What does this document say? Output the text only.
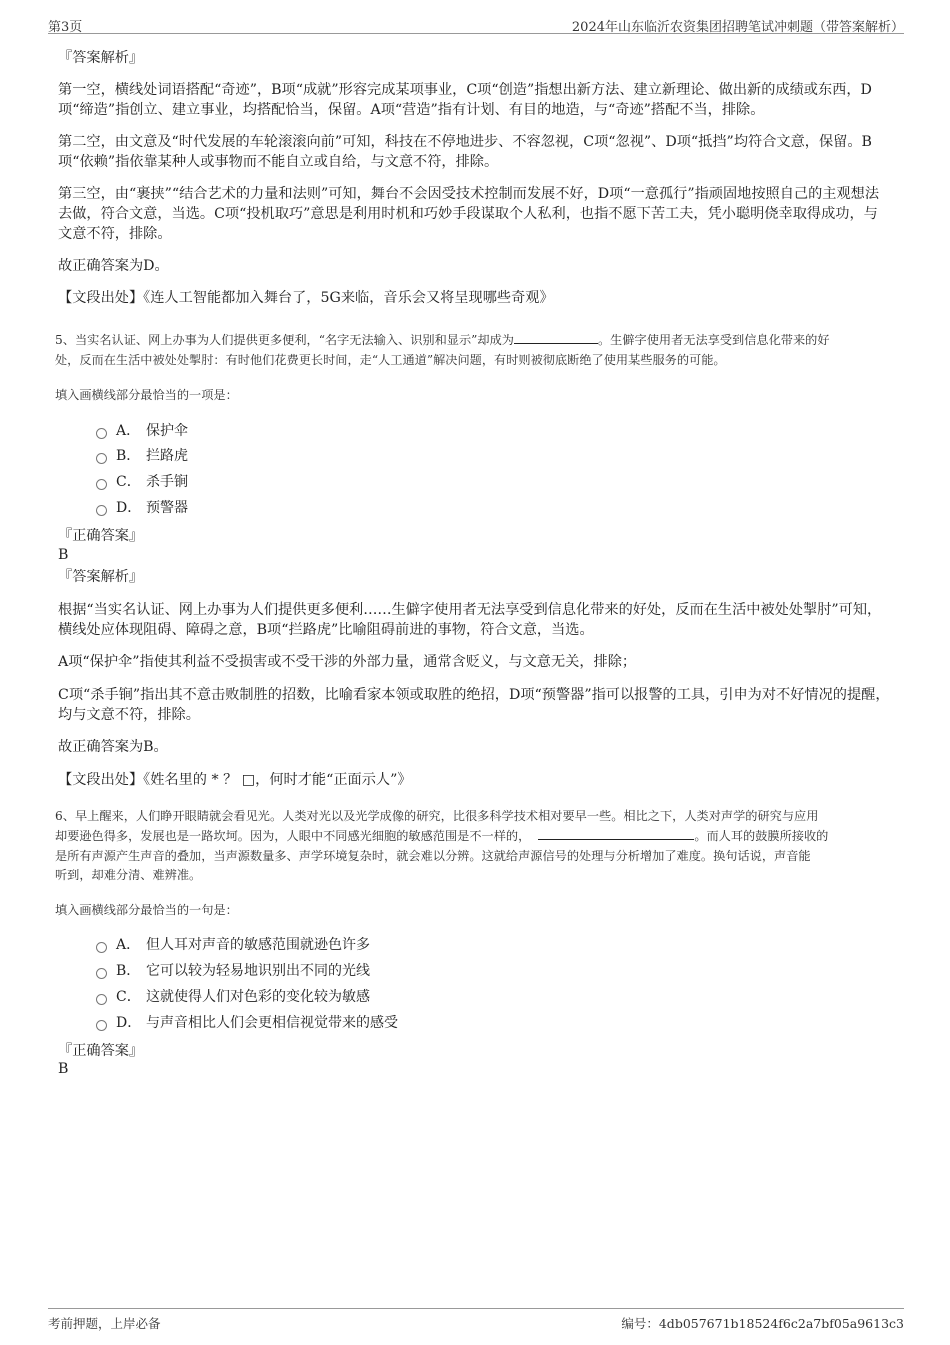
第3页	2024年山东临沂农资集团招聘笔试冲刺题（带答案解析）
『答案解析』
第一空，横线处词语搭配“奇迹”，B项“成就”形容完成某项事业，C项“创造”指想出新方法、建立新理论、做出新的成绩或东西，D项“缔造”指创立、建立事业，均搭配恰当，保留。A项“营造”指有计划、有目的地造，与“奇迹”搭配不当，排除。
第二空，由文意及“时代发展的车轮滚滚向前”可知，科技在不停地进步、不容忽视，C项“忽视”、D项“抵挡”均符合文意，保留。B项“依赖”指依靠某种人或事物而不能自立或自给，与文意不符，排除。
第三空，由“裹挟”“结合艺术的力量和法则”可知，舞台不会因受技术控制而发展不好，D项“一意孤行”指顽固地按照自己的主观想法去做，符合文意，当选。C项“投机取巧”意思是利用时机和巧妙手段谋取个人私利，也指不愿下苦工夫，凭小聪明侥幸取得成功，与文意不符，排除。
故正确答案为D。
【文段出处】《连人工智能都加入舞台了，5G来临，音乐会又将呈现哪些奇观》
5、当实名认证、网上办事为人们提供更多便利，“名字无法输入、识别和显示”却成为	。生僻字使用者无法享受到信息化带来的好
处，反而在生活中被处处掣肘：有时他们花费更长时间，走“人工通道”解决问题，有时则被彻底断绝了使用某些服务的可能。
填入画横线部分最恰当的一项是：
A． 保护伞
B． 拦路虎
C． 杀手锏
D． 预警器
『正确答案』
B
『答案解析』
根据“当实名认证、网上办事为人们提供更多便利……生僻字使用者无法享受到信息化带来的好处，反而在生活中被处处掣肘”可知，横线处应体现阻碍、障碍之意，B项“拦路虎”比喻阻碍前进的事物，符合文意，当选。
A项“保护伞”指使其利益不受损害或不受干涉的外部力量，通常含贬义，与文意无关，排除；
C项“杀手锏”指出其不意击败制胜的招数，比喻看家本领或取胜的绝招，D项“预警器”指可以报警的工具，引申为对不好情况的提醒，均与文意不符，排除。
故正确答案为B。
【文段出处】《姓名里的 * ？ □，何时才能“正面示人”》
6、早上醒来，人们睁开眼睛就会看见光。人类对光以及光学成像的研究，比很多科学技术相对要早一些。相比之下，人类对声学的研究与应用
却要逊色得多，发展也是一路坎坷。因为，人眼中不同感光细胞的敏感范围是不一样的，	。而人耳的鼓膜所接收的
是所有声源产生声音的叠加，当声源数量多、声学环境复杂时，就会难以分辨。这就给声源信号的处理与分析增加了难度。换句话说，声音能
听到，却难分清、难辨准。
填入画横线部分最恰当的一句是：
A． 但人耳对声音的敏感范围就逊色许多
B． 它可以较为轻易地识别出不同的光线
C． 这就使得人们对色彩的变化较为敏感
D． 与声音相比人们会更相信视觉带来的感受
『正确答案』
B
考前押题，上岸必备	编号：4db057671b18524f6c2a7bf05a9613c3
